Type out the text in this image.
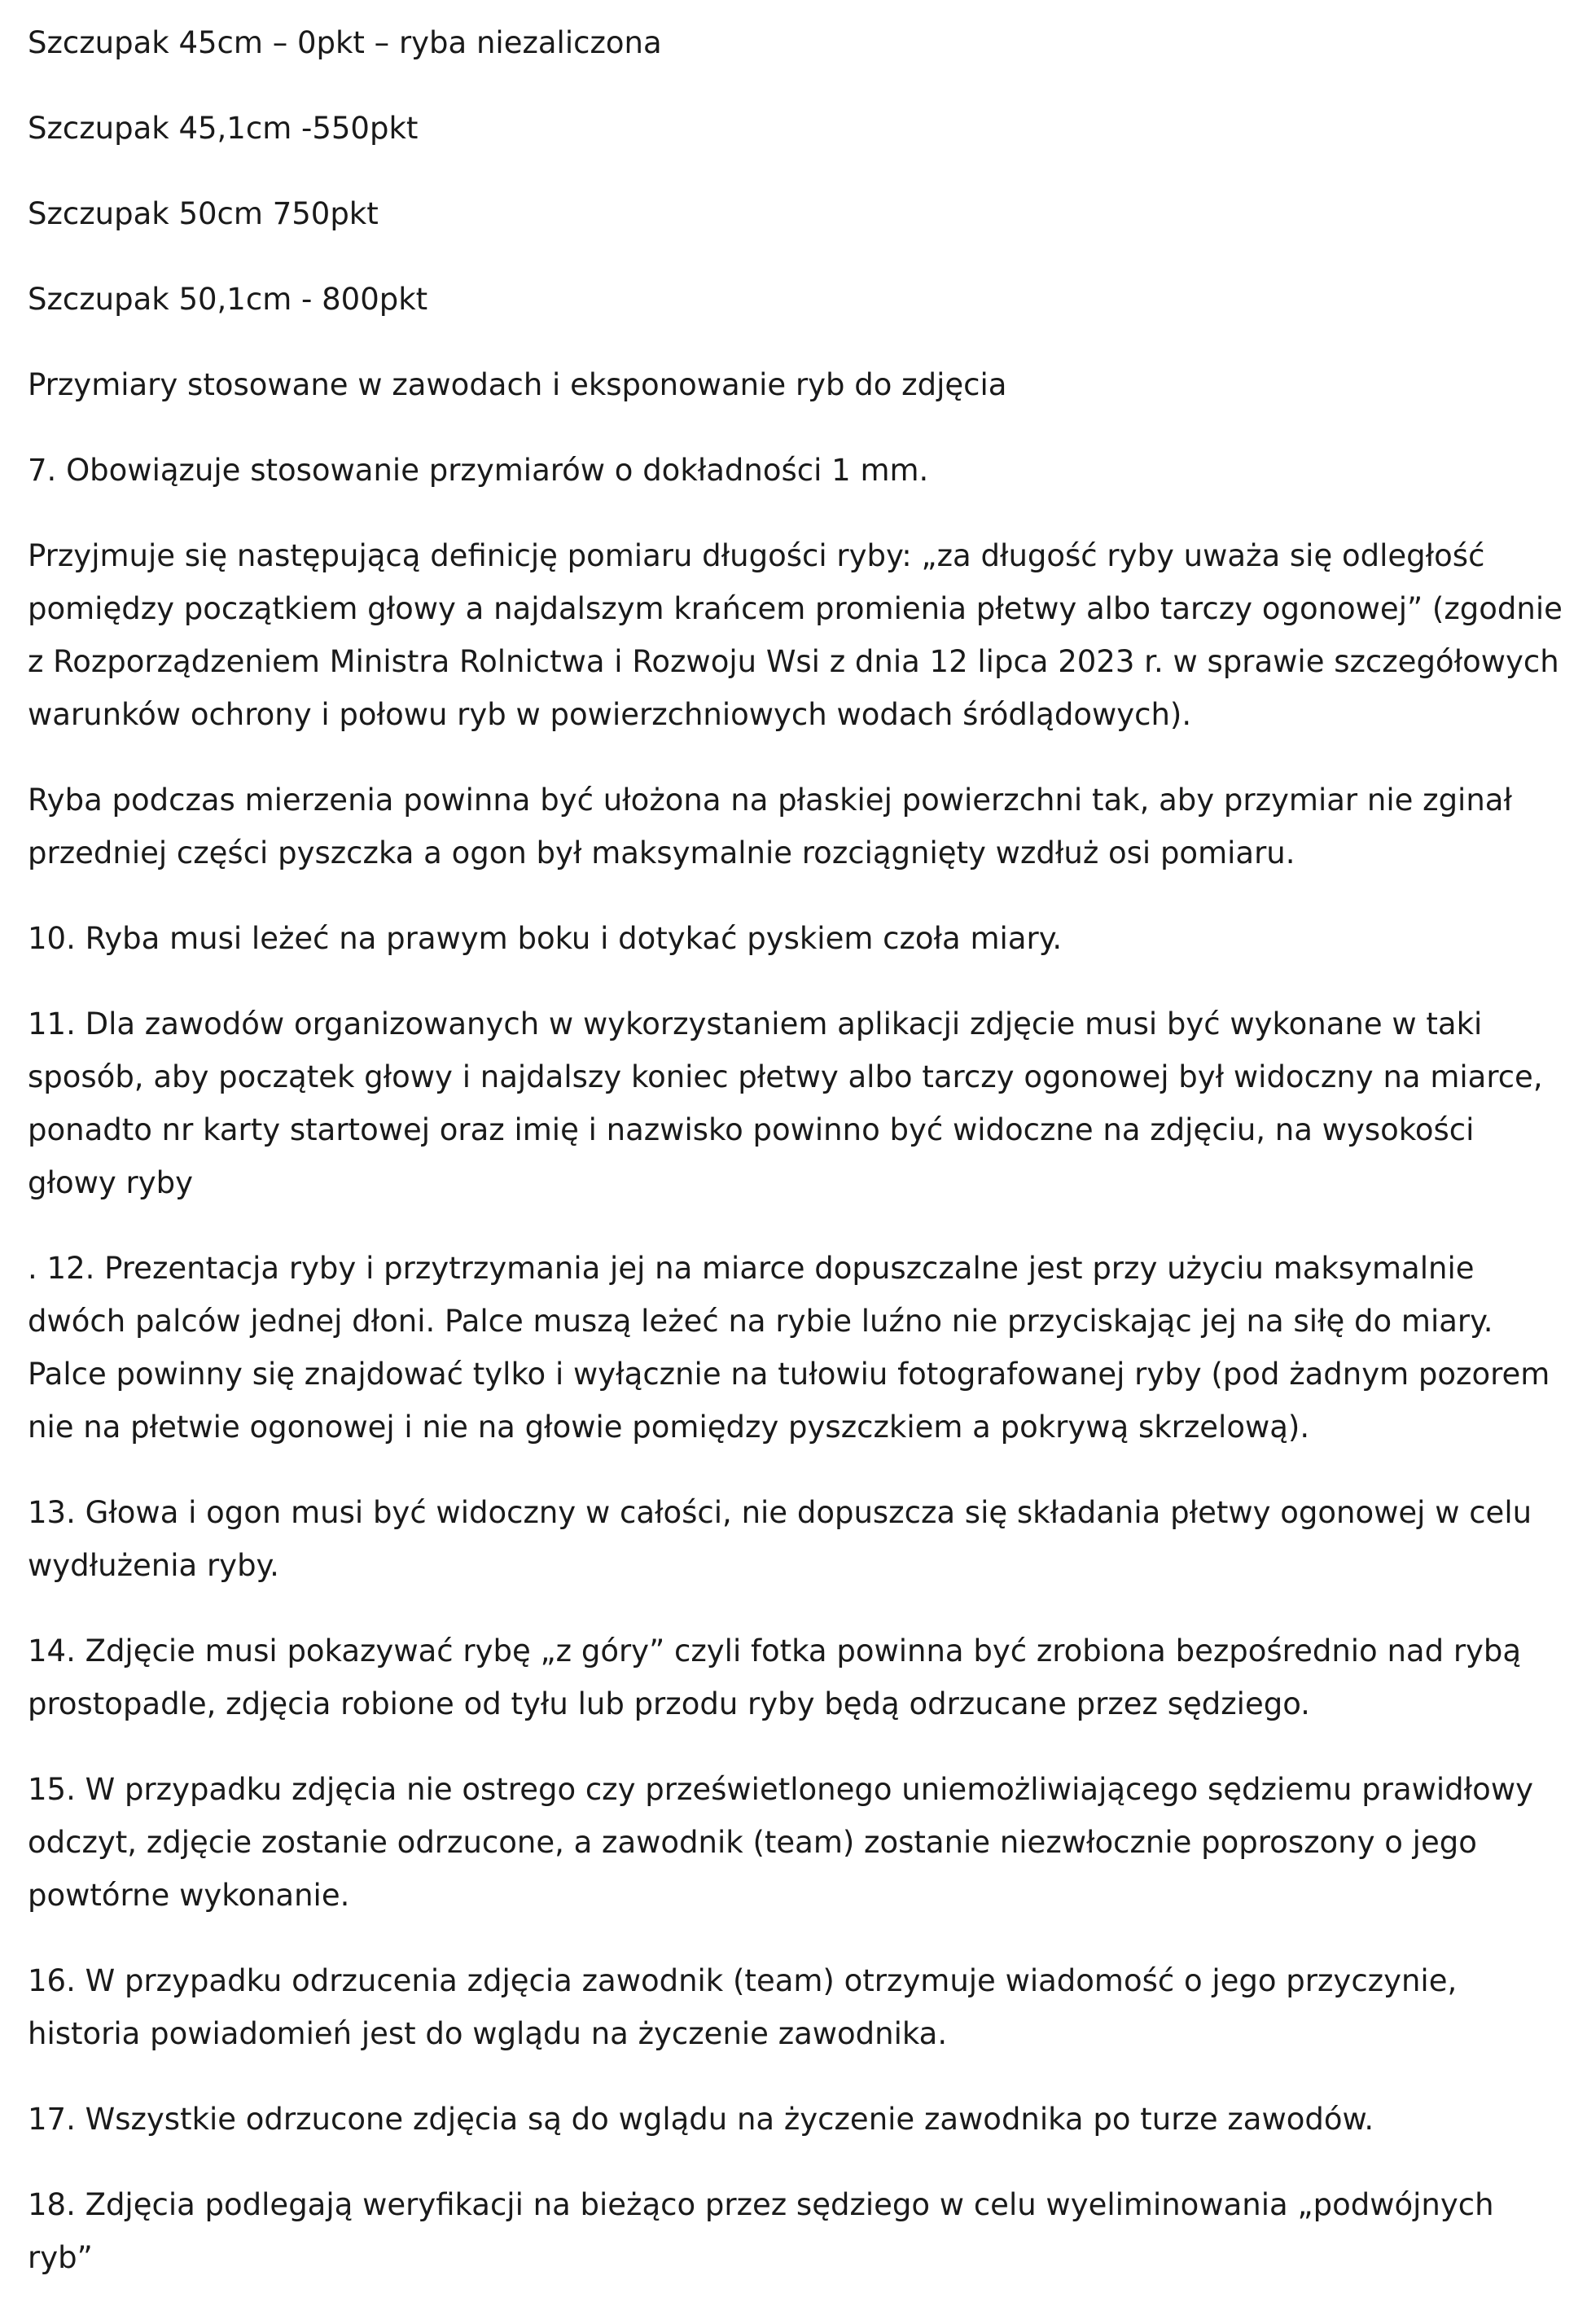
Szczupak 45cm – 0pkt – ryba niezaliczona

Szczupak 45,1cm -550pkt

Szczupak 50cm 750pkt

Szczupak 50,1cm - 800pkt

Przymiary stosowane w zawodach i eksponowanie ryb do zdjęcia

7. Obowiązuje stosowanie przymiarów o dokładności 1 mm.

Przyjmuje się następującą definicję pomiaru długości ryby: „za długość ryby uważa się odległość
pomiędzy początkiem głowy a najdalszym krańcem promienia płetwy albo tarczy ogonowej” (zgodnie
z Rozporządzeniem Ministra Rolnictwa i Rozwoju Wsi z dnia 12 lipca 2023 r. w sprawie szczegółowych
warunków ochrony i połowu ryb w powierzchniowych wodach śródlądowych).

Ryba podczas mierzenia powinna być ułożona na płaskiej powierzchni tak, aby przymiar nie zginał
przedniej części pyszczka a ogon był maksymalnie rozciągnięty wzdłuż osi pomiaru.

10. Ryba musi leżeć na prawym boku i dotykać pyskiem czoła miary.

11. Dla zawodów organizowanych w wykorzystaniem aplikacji zdjęcie musi być wykonane w taki
sposób, aby początek głowy i najdalszy koniec płetwy albo tarczy ogonowej był widoczny na miarce,
ponadto nr karty startowej oraz imię i nazwisko powinno być widoczne na zdjęciu, na wysokości
głowy ryby

. 12. Prezentacja ryby i przytrzymania jej na miarce dopuszczalne jest przy użyciu maksymalnie
dwóch palców jednej dłoni. Palce muszą leżeć na rybie luźno nie przyciskając jej na siłę do miary.
Palce powinny się znajdować tylko i wyłącznie na tułowiu fotografowanej ryby (pod żadnym pozorem
nie na płetwie ogonowej i nie na głowie pomiędzy pyszczkiem a pokrywą skrzelową).

13. Głowa i ogon musi być widoczny w całości, nie dopuszcza się składania płetwy ogonowej w celu
wydłużenia ryby.

14. Zdjęcie musi pokazywać rybę „z góry” czyli fotka powinna być zrobiona bezpośrednio nad rybą
prostopadle, zdjęcia robione od tyłu lub przodu ryby będą odrzucane przez sędziego.

15. W przypadku zdjęcia nie ostrego czy prześwietlonego uniemożliwiającego sędziemu prawidłowy
odczyt, zdjęcie zostanie odrzucone, a zawodnik (team) zostanie niezwłocznie poproszony o jego
powtórne wykonanie.

16. W przypadku odrzucenia zdjęcia zawodnik (team) otrzymuje wiadomość o jego przyczynie,
historia powiadomień jest do wglądu na życzenie zawodnika.

17. Wszystkie odrzucone zdjęcia są do wglądu na życzenie zawodnika po turze zawodów.

18. Zdjęcia podlegają weryfikacji na bieżąco przez sędziego w celu wyeliminowania „podwójnych
ryb”
